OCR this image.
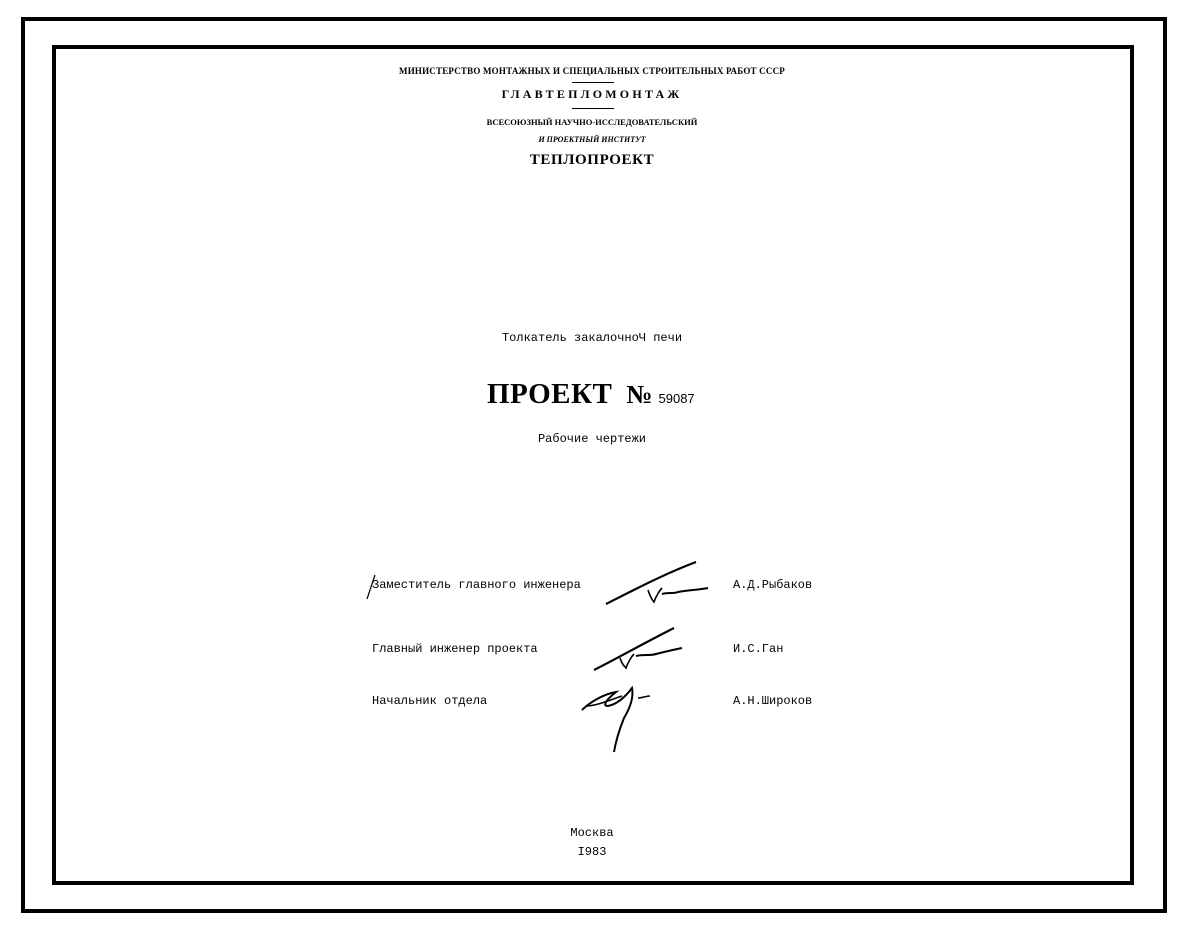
МИНИСТЕРСТВО МОНТАЖНЫХ И СПЕЦИАЛЬНЫХ СТРОИТЕЛЬНЫХ РАБОТ СССР
ГЛАВТЕПЛОМОНТАЖ
ВСЕСОЮЗНЫЙ НАУЧНО-ИССЛЕДОВАТЕЛЬСКИЙ
И ПРОЕКТНЫЙ ИНСТИТУТ
ТЕПЛОПРОЕКТ
Толкатель закалочноЧ печи
ПРОЕКТ № 59087
Рабочие чертежи
Заместитель главного инженера	А.Д.Рыбаков
Главный инженер проекта	И.С.Ган
Начальник отдела	А.Н.Широков
Москва
I983
